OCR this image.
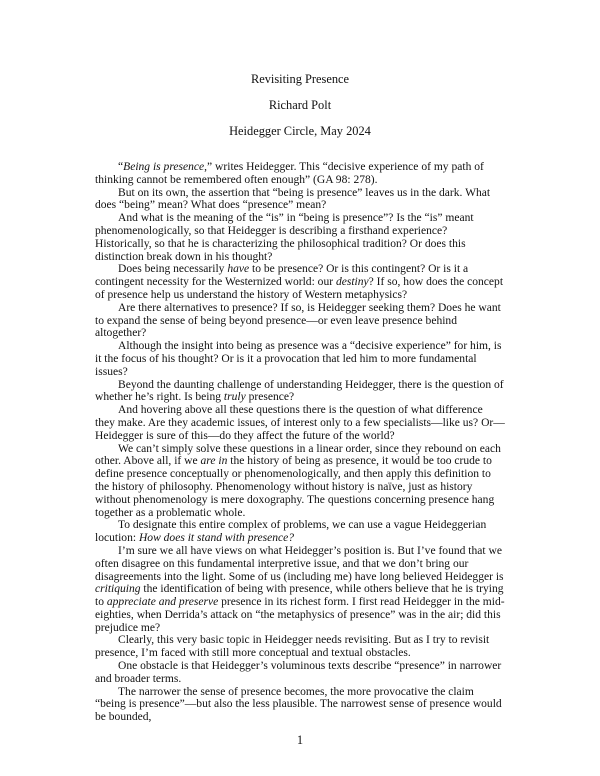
Revisiting Presence
Richard Polt
Heidegger Circle, May 2024

“Being is presence,” writes Heidegger. This “decisive experience of my path of thinking cannot be remembered often enough” (GA 98: 278).

But on its own, the assertion that “being is presence” leaves us in the dark. What does “being” mean? What does “presence” mean?

And what is the meaning of the “is” in “being is presence”? Is the “is” meant phenomenologically, so that Heidegger is describing a firsthand experience? Historically, so that he is characterizing the philosophical tradition? Or does this distinction break down in his thought?

Does being necessarily have to be presence? Or is this contingent? Or is it a contingent necessity for the Westernized world: our destiny? If so, how does the concept of presence help us understand the history of Western metaphysics?

Are there alternatives to presence? If so, is Heidegger seeking them? Does he want to expand the sense of being beyond presence—or even leave presence behind altogether?

Although the insight into being as presence was a “decisive experience” for him, is it the focus of his thought? Or is it a provocation that led him to more fundamental issues?

Beyond the daunting challenge of understanding Heidegger, there is the question of whether he’s right. Is being truly presence?

And hovering above all these questions there is the question of what difference they make. Are they academic issues, of interest only to a few specialists—like us? Or—Heidegger is sure of this—do they affect the future of the world?

We can’t simply solve these questions in a linear order, since they rebound on each other. Above all, if we are in the history of being as presence, it would be too crude to define presence conceptually or phenomenologically, and then apply this definition to the history of philosophy. Phenomenology without history is naïve, just as history without phenomenology is mere doxography. The questions concerning presence hang together as a problematic whole.

To designate this entire complex of problems, we can use a vague Heideggerian locution: How does it stand with presence?

I’m sure we all have views on what Heidegger’s position is. But I’ve found that we often disagree on this fundamental interpretive issue, and that we don’t bring our disagreements into the light. Some of us (including me) have long believed Heidegger is critiquing the identification of being with presence, while others believe that he is trying to appreciate and preserve presence in its richest form. I first read Heidegger in the mid-eighties, when Derrida’s attack on “the metaphysics of presence” was in the air; did this prejudice me?

Clearly, this very basic topic in Heidegger needs revisiting. But as I try to revisit presence, I’m faced with still more conceptual and textual obstacles.

One obstacle is that Heidegger’s voluminous texts describe “presence” in narrower and broader terms.

The narrower the sense of presence becomes, the more provocative the claim “being is presence”—but also the less plausible. The narrowest sense of presence would be bounded,

1
